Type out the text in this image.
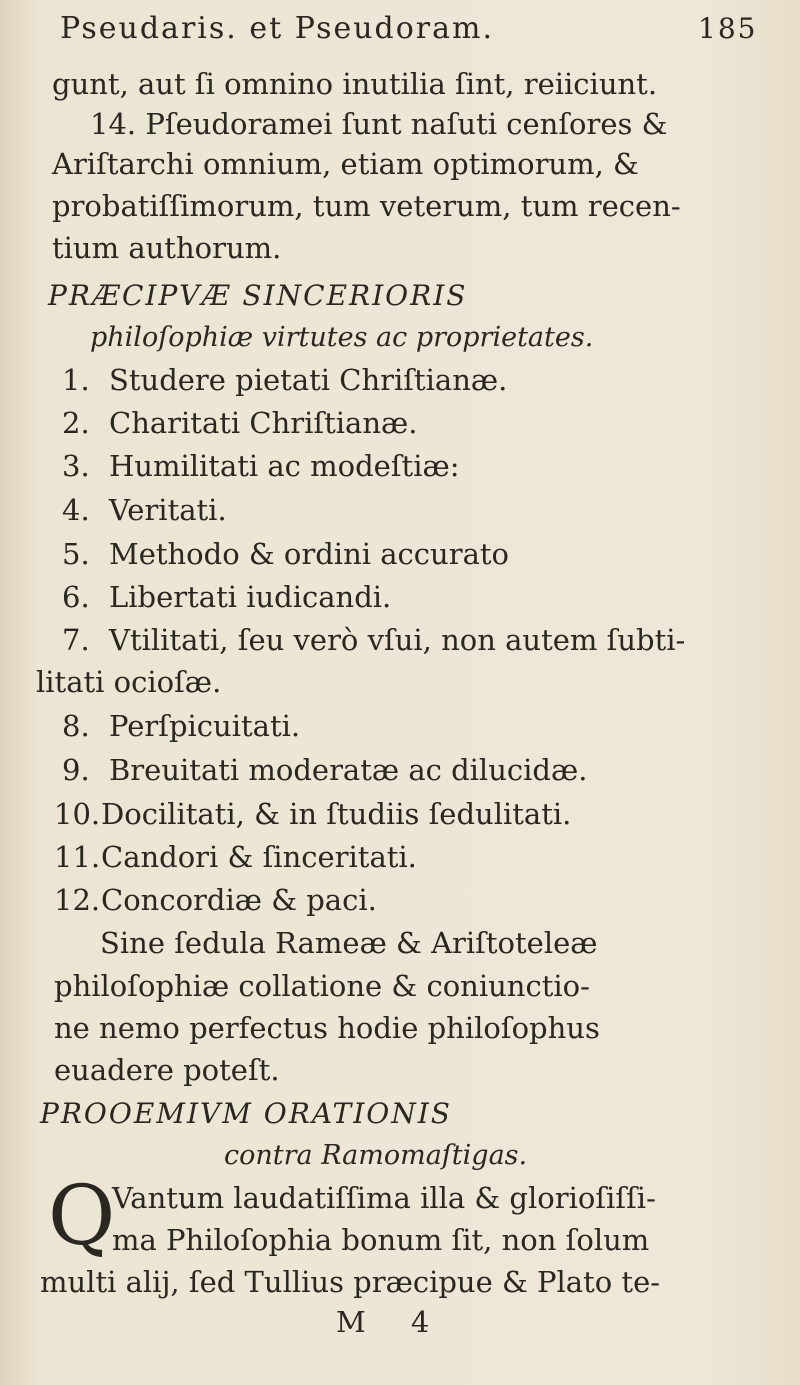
Pseudaris. et Pseudoram.	185
gunt, aut ſi omnino inutilia ſint, reiiciunt.
14. Pſeudoramei ſunt naſuti cenſores &
Ariſtarchi omnium, etiam optimorum, &
probatiſſimorum, tum veterum, tum recen-
tium authorum.
PRÆCIPVÆ SINCERIORIS
philoſophiæ virtutes ac proprietates.
1. Studere pietati Chriſtianæ.
2. Charitati Chriſtianæ.
3. Humilitati ac modeſtiæ:
4. Veritati.
5. Methodo & ordini accurato
6. Libertati iudicandi.
7. Vtilitati, ſeu verò vſui, non autem ſubti-
litati ocioſæ.
8. Perſpicuitati.
9. Breuitati moderatæ ac dilucidæ.
10.Docilitati, & in ſtudiis ſedulitati.
11.Candori & ſinceritati.
12.Concordiæ & paci.
Sine ſedula Rameæ & Ariſtoteleæ
philoſophiæ collatione & coniunctio-
ne nemo perfectus hodie philoſophus
euadere poteſt.
PROOEMIVM ORATIONIS
contra Ramomaſtigas.
Q
Vantum laudatiſſima illa & glorioſiſſi-
ma Philoſophia bonum ſit, non ſolum
multi alij, ſed Tullius præcipue & Plato te-
M 4
